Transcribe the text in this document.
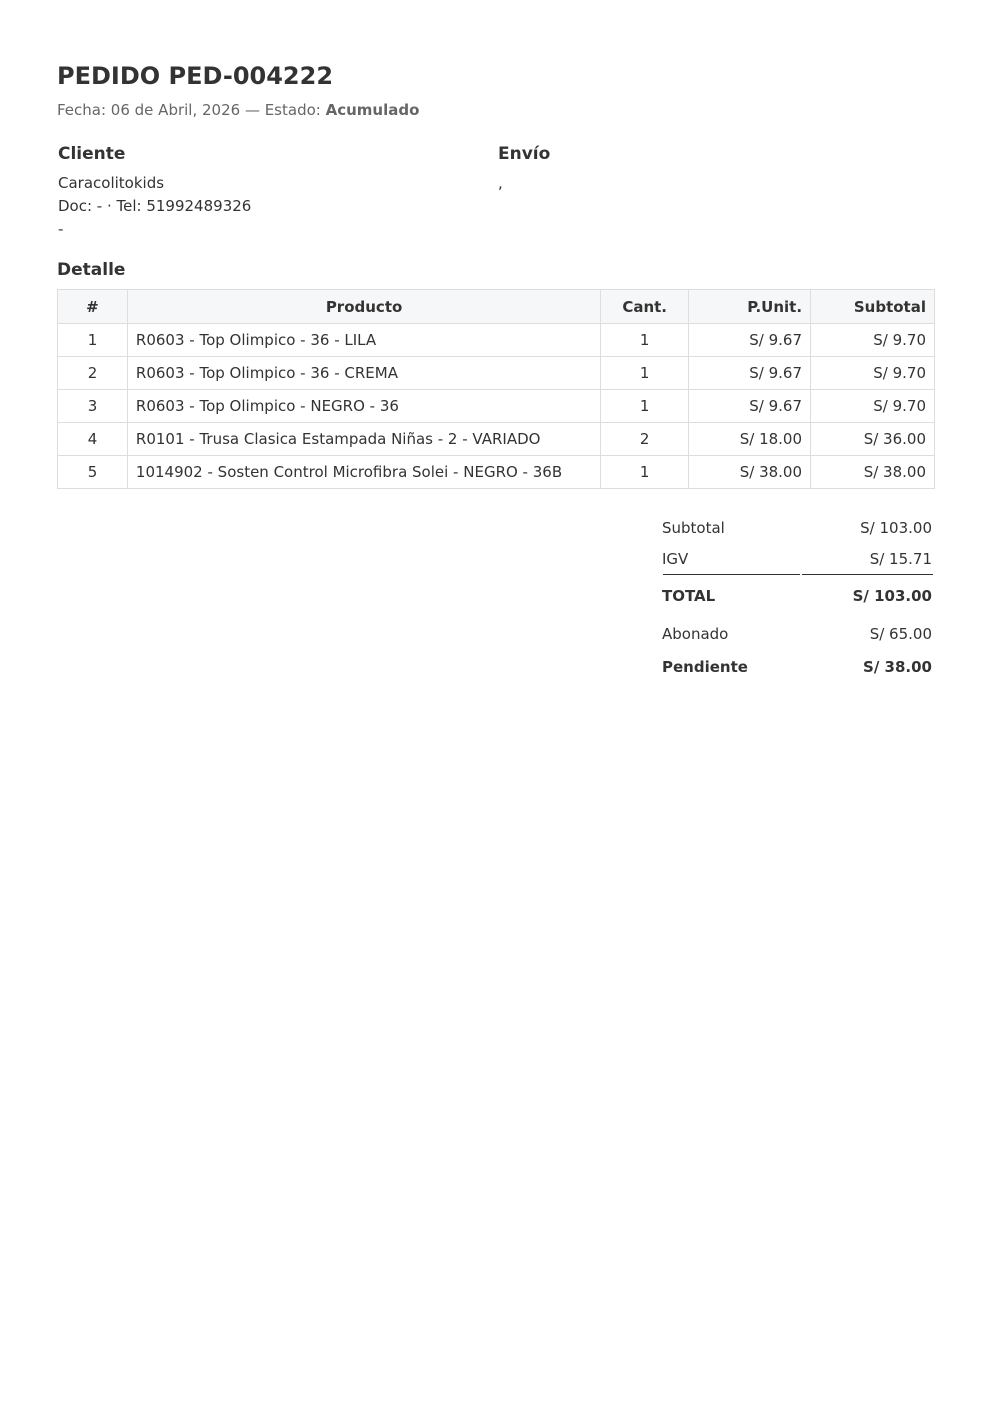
PEDIDO PED-004222
Fecha: 06 de Abril, 2026 — Estado: Acumulado
Cliente
Caracolitokids
Doc: - · Tel: 51992489326
-
Envío
,
Detalle
#	Producto	Cant.	P.Unit.	Subtotal
1	R0603 - Top Olimpico - 36 - LILA	1	S/ 9.67	S/ 9.70
2	R0603 - Top Olimpico - 36 - CREMA	1	S/ 9.67	S/ 9.70
3	R0603 - Top Olimpico - NEGRO - 36	1	S/ 9.67	S/ 9.70
4	R0101 - Trusa Clasica Estampada Niñas - 2 - VARIADO	2	S/ 18.00	S/ 36.00
5	1014902 - Sosten Control Microfibra Solei - NEGRO - 36B	1	S/ 38.00	S/ 38.00
Subtotal	S/ 103.00
IGV	S/ 15.71
TOTAL	S/ 103.00
Abonado	S/ 65.00
Pendiente	S/ 38.00
